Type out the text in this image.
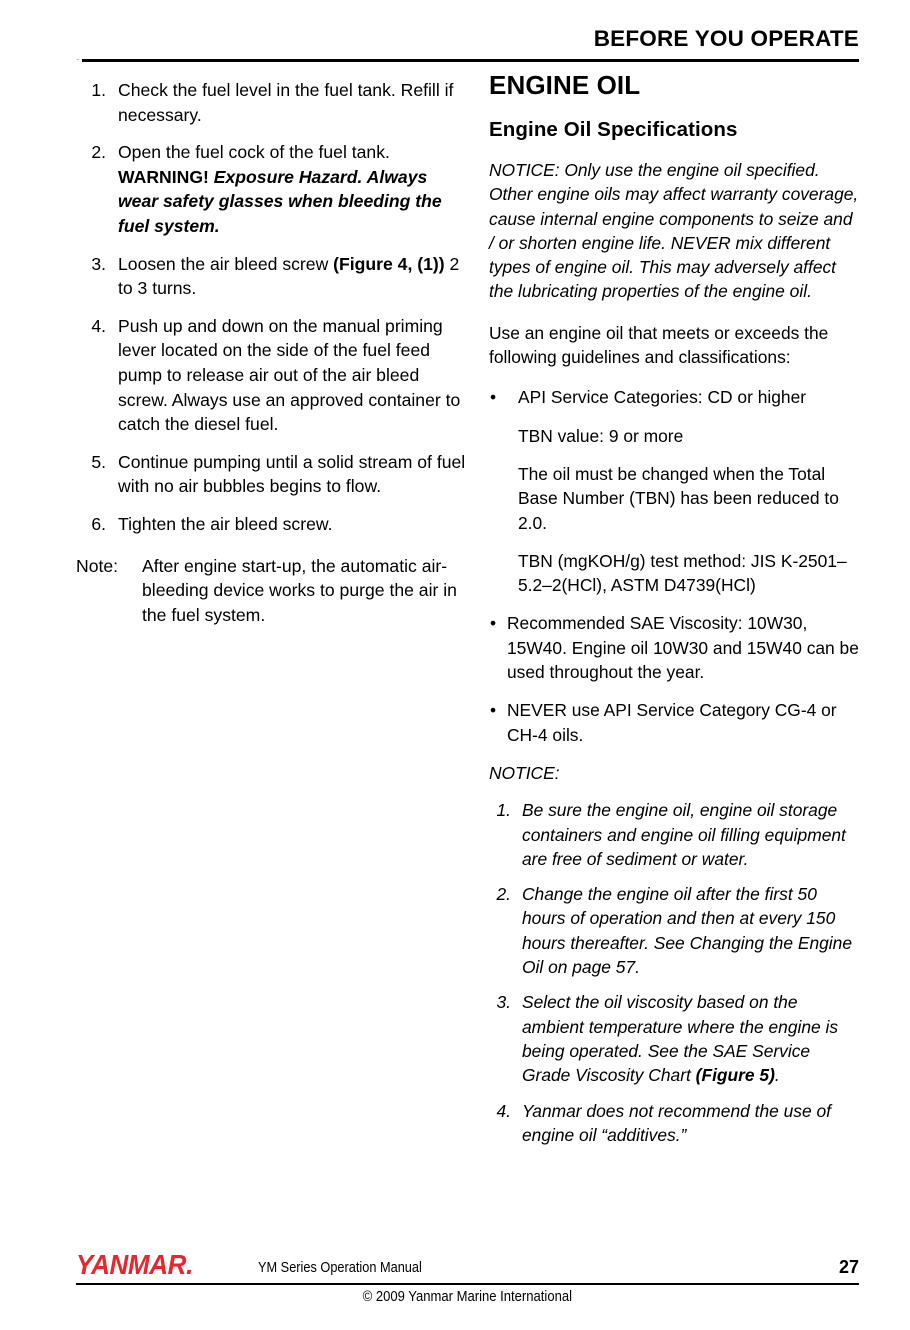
BEFORE YOU OPERATE
⋅⋅
1. Check the fuel level in the fuel tank. Refill if necessary.
2. Open the fuel cock of the fuel tank. WARNING! Exposure Hazard. Always wear safety glasses when bleeding the fuel system.
3. Loosen the air bleed screw (Figure 4, (1)) 2 to 3 turns.
4. Push up and down on the manual priming lever located on the side of the fuel feed pump to release air out of the air bleed screw. Always use an approved container to catch the diesel fuel.
5. Continue pumping until a solid stream of fuel with no air bubbles begins to flow.
6. Tighten the air bleed screw.
Note:	After engine start-up, the automatic air-bleeding device works to purge the air in the fuel system.
ENGINE OIL
Engine Oil Specifications

NOTICE: Only use the engine oil specified. Other engine oils may affect warranty coverage, cause internal engine components to seize and / or shorten engine life. NEVER mix different types of engine oil. This may adversely affect the lubricating properties of the engine oil.

Use an engine oil that meets or exceeds the following guidelines and classifications:

• API Service Categories: CD or higher

TBN value: 9 or more

The oil must be changed when the Total Base Number (TBN) has been reduced to 2.0.

TBN (mgKOH/g) test method: JIS K-2501–5.2–2(HCl), ASTM D4739(HCl)

• Recommended SAE Viscosity: 10W30, 15W40. Engine oil 10W30 and 15W40 can be used throughout the year.
• NEVER use API Service Category CG-4 or CH-4 oils.

NOTICE:

1. Be sure the engine oil, engine oil storage containers and engine oil filling equipment are free of sediment or water.
2. Change the engine oil after the first 50 hours of operation and then at every 150 hours thereafter. See Changing the Engine Oil on page 57.
3. Select the oil viscosity based on the ambient temperature where the engine is being operated. See the SAE Service Grade Viscosity Chart (Figure 5).
4. Yanmar does not recommend the use of engine oil “additives.”
YANMAR.	YM Series Operation Manual	27
© 2009 Yanmar Marine International
